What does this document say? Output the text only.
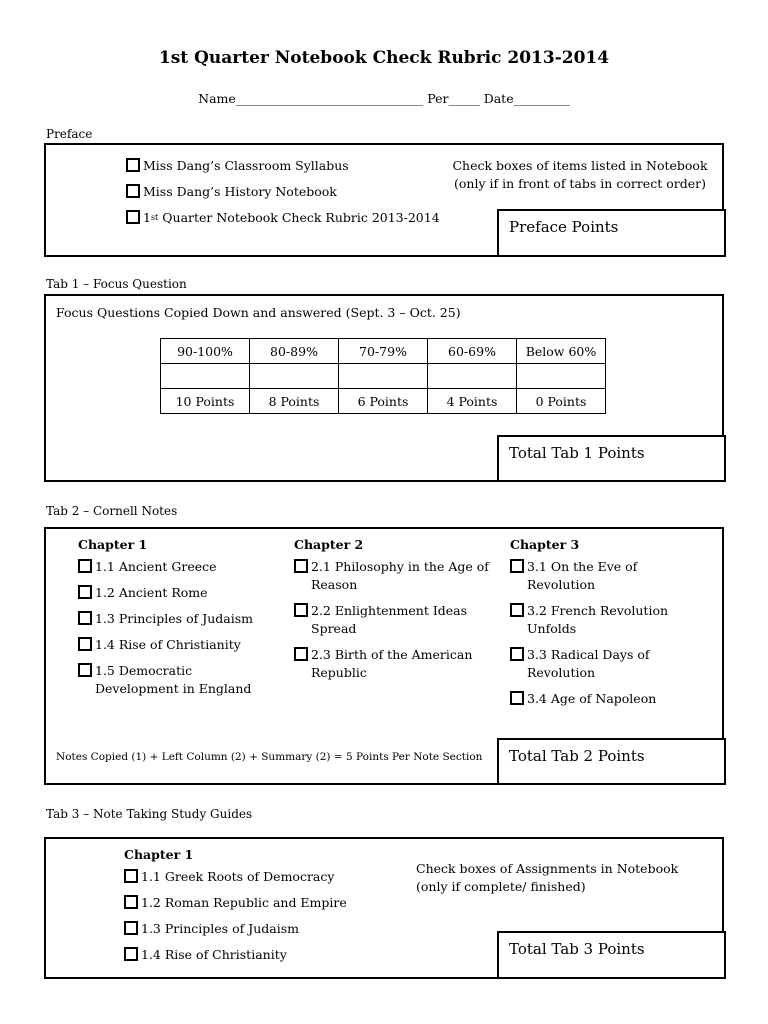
1st Quarter Notebook Check Rubric 2013-2014
Name______________________________ Per_____ Date_________
Preface
Miss Dang’s Classroom Syllabus
Miss Dang’s History Notebook
1 st
Quarter Notebook Check Rubric 2013-2014
Check boxes of items listed in Notebook
(only if in front of tabs in correct order)
Preface Points
Tab 1 – Focus Question
Focus Questions Copied Down and answered (Sept. 3 – Oct. 25)
90-100%	80-89%	70-79%	60-69%	Below 60%

10 Points	8 Points	6 Points	4 Points	0 Points
Total Tab 1 Points
Tab 2 – Cornell Notes
Chapter 1
1.1 Ancient Greece
1.2 Ancient Rome
1.3 Principles of Judaism
1.4 Rise of Christianity
1.5 Democratic
Development in England
Chapter 2
2.1 Philosophy in the Age of
Reason
2.2 Enlightenment Ideas
Spread
2.3 Birth of the American
Republic
Chapter 3
3.1 On the Eve of
Revolution
3.2 French Revolution
Unfolds
3.3 Radical Days of
Revolution
3.4 Age of Napoleon
Notes Copied (1) + Left Column (2) + Summary (2) = 5 Points Per Note Section	Total Tab 2 Points
Tab 3 – Note Taking Study Guides
Chapter 1
1.1 Greek Roots of Democracy
1.2 Roman Republic and Empire
1.3 Principles of Judaism
1.4 Rise of Christianity
Check boxes of Assignments in Notebook
(only if complete/ finished)
Total Tab 3 Points
